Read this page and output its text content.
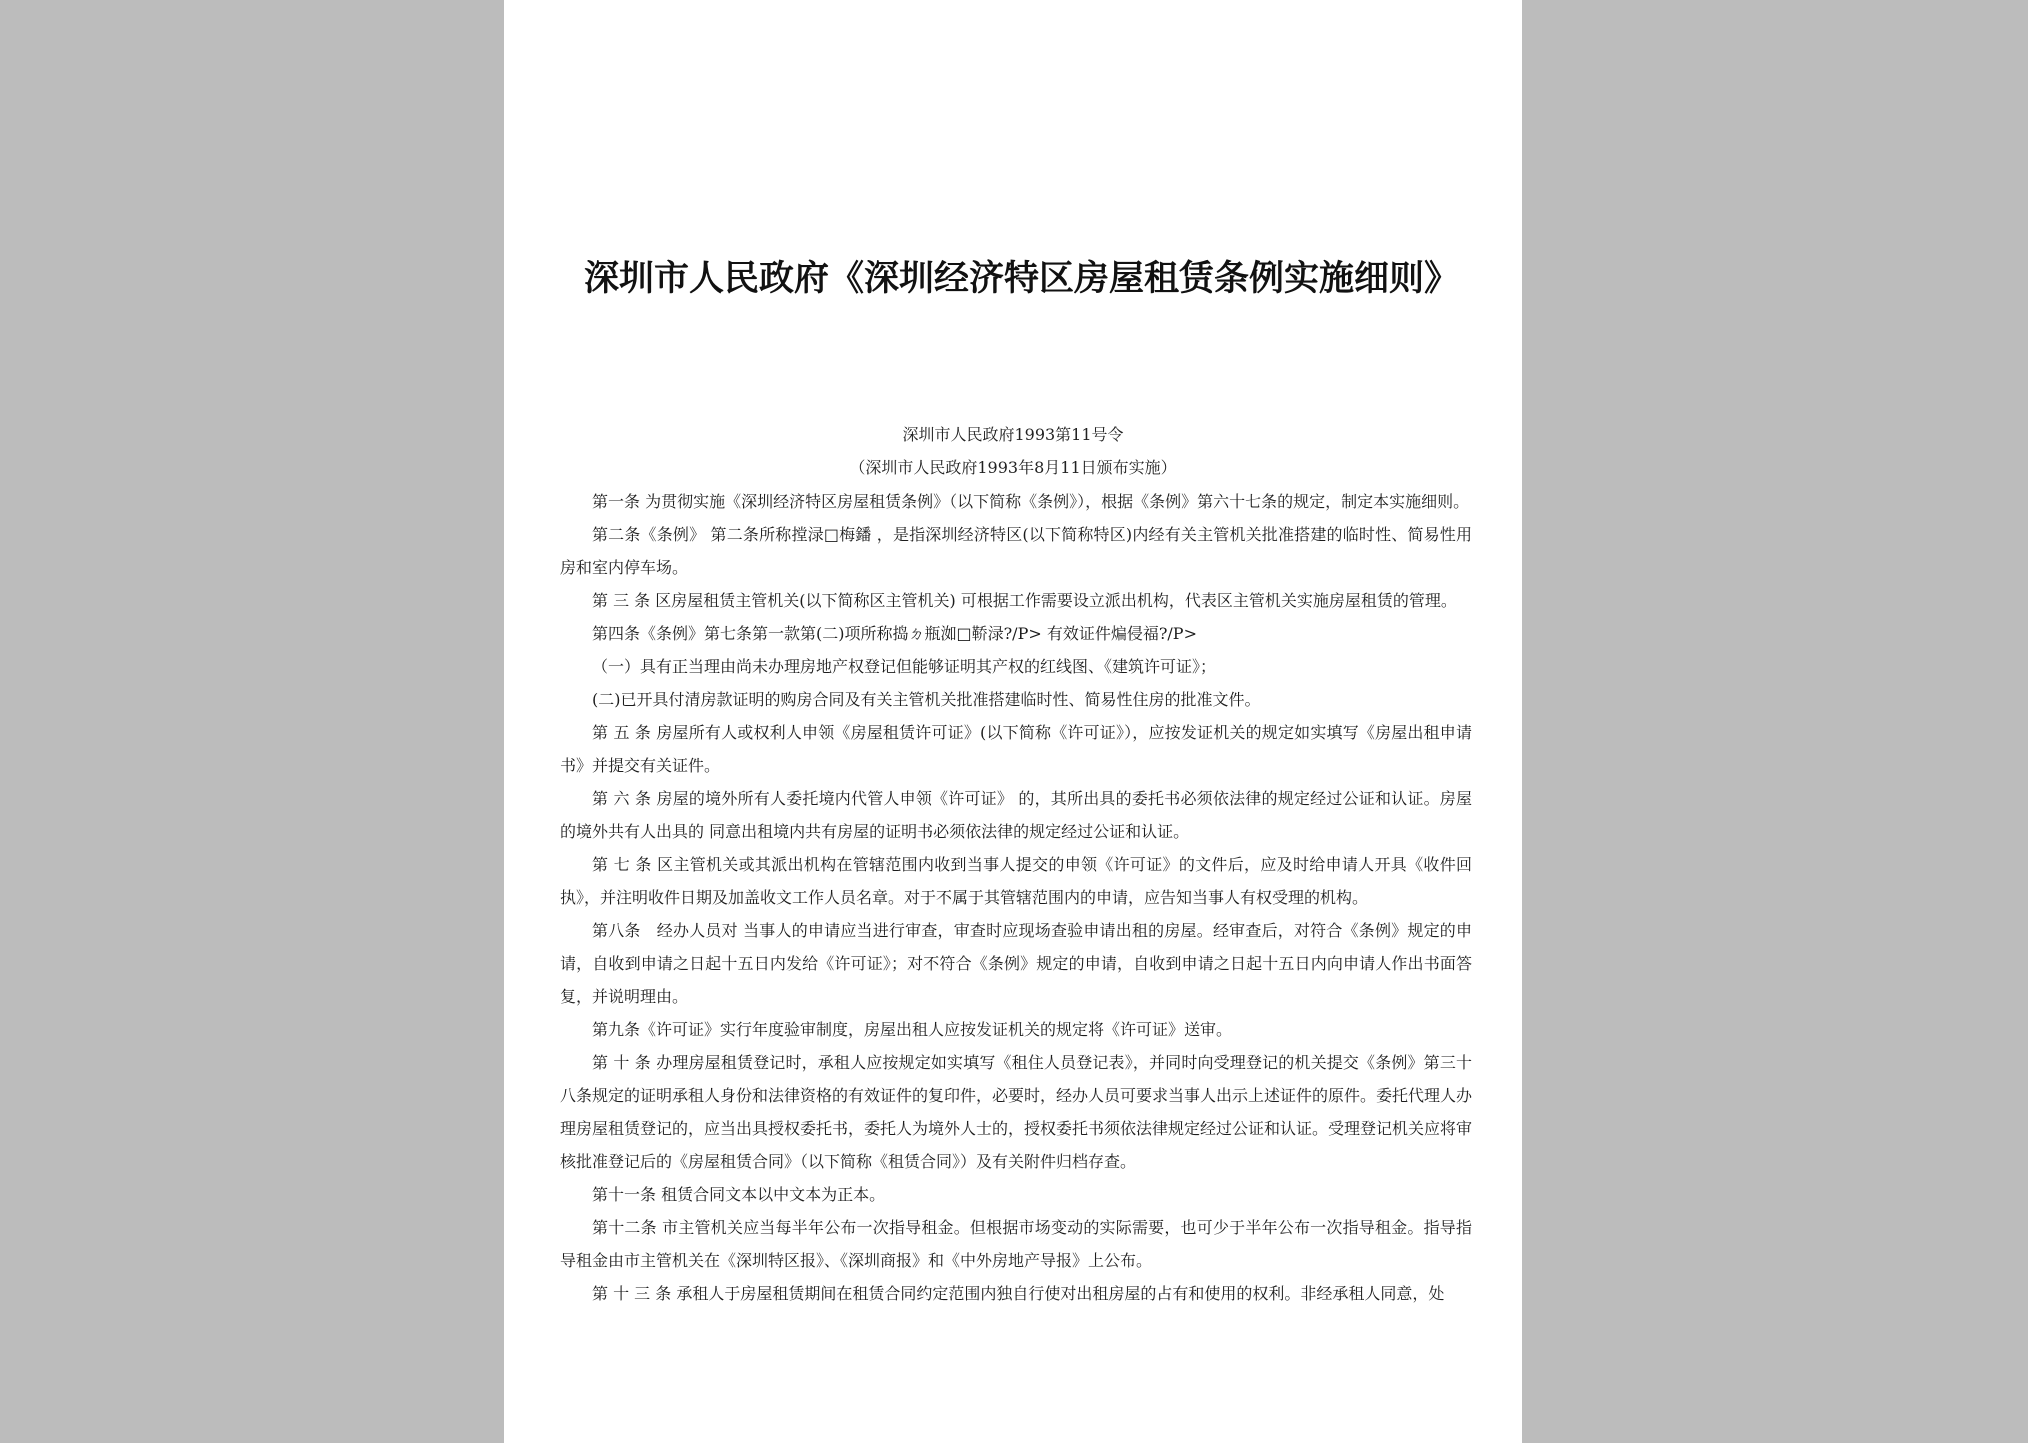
深圳市人民政府《深圳经济特区房屋租赁条例实施细则》

深圳市人民政府1993第11号令

（深圳市人民政府1993年8月11日颁布实施）

第一条 为贯彻实施《深圳经济特区房屋租赁条例》（以下简称《条例》），根据《条例》第六十七条的规定，制定本实施细则。

第二条《条例》 第二条所称摚渌□梅鐇 ，是指深圳经济特区(以下简称特区)内经有关主管机关批准搭建的临时性、简易性用房和室内停车场。

第 三 条 区房屋租赁主管机关(以下简称区主管机关) 可根据工作需要设立派出机构，代表区主管机关实施房屋租赁的管理。

第四条《条例》第七条第一款第(二)项所称捣ㄉ瓶洳□鞒渌?/P> 有效证件煸侵福?/P>

（一）具有正当理由尚未办理房地产权登记但能够证明其产权的红线图、《建筑许可证》；

(二)已开具付清房款证明的购房合同及有关主管机关批准搭建临时性、简易性住房的批准文件。

第 五 条 房屋所有人或权利人申领《房屋租赁许可证》(以下简称《许可证》），应按发证机关的规定如实填写《房屋出租申请书》并提交有关证件。

第 六 条 房屋的境外所有人委托境内代管人申领《许可证》 的，其所出具的委托书必须依法律的规定经过公证和认证。房屋的境外共有人出具的 同意出租境内共有房屋的证明书必须依法律的规定经过公证和认证。

第 七 条 区主管机关或其派出机构在管辖范围内收到当事人提交的申领《许可证》的文件后，应及时给申请人开具《收件回执》，并注明收件日期及加盖收文工作人员名章。对于不属于其管辖范围内的申请，应告知当事人有权受理的机构。

第八条　经办人员对 当事人的申请应当进行审查，审查时应现场查验申请出租的房屋。经审查后，对符合《条例》规定的申请，自收到申请之日起十五日内发给《许可证》；对不符合《条例》规定的申请，自收到申请之日起十五日内向申请人作出书面答复，并说明理由。

第九条《许可证》实行年度验审制度，房屋出租人应按发证机关的规定将《许可证》送审。

第 十 条 办理房屋租赁登记时，承租人应按规定如实填写《租住人员登记表》，并同时向受理登记的机关提交《条例》第三十八条规定的证明承租人身份和法律资格的有效证件的复印件，必要时，经办人员可要求当事人出示上述证件的原件。委托代理人办理房屋租赁登记的，应当出具授权委托书，委托人为境外人士的，授权委托书须依法律规定经过公证和认证。受理登记机关应将审核批准登记后的《房屋租赁合同》（以下简称《租赁合同》）及有关附件归档存查。

第十一条 租赁合同文本以中文本为正本。

第十二条 市主管机关应当每半年公布一次指导租金。但根据市场变动的实际需要，也可少于半年公布一次指导租金。指导指导租金由市主管机关在《深圳特区报》、《深圳商报》和《中外房地产导报》上公布。

第 十 三 条 承租人于房屋租赁期间在租赁合同约定范围内独自行使对出租房屋的占有和使用的权利。非经承租人同意，处
